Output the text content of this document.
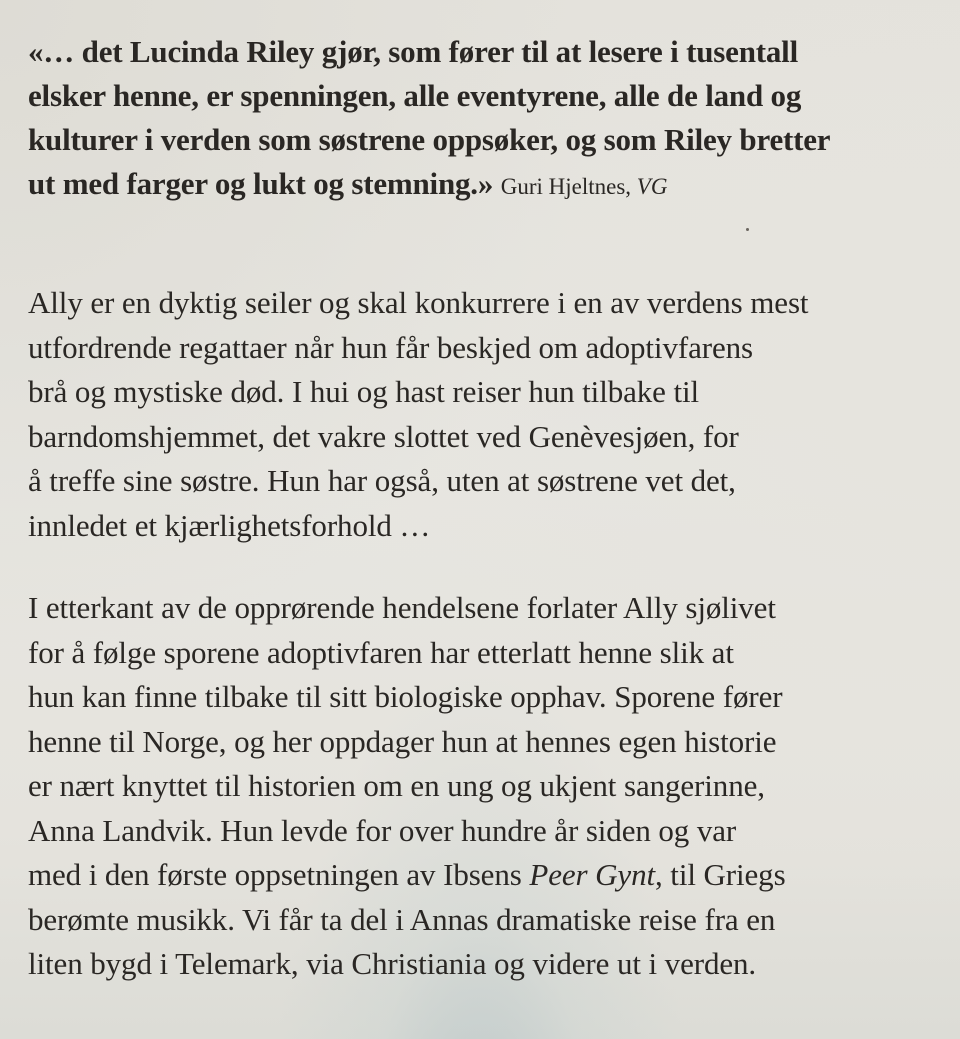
«… det Lucinda Riley gjør, som fører til at lesere i tusentall
elsker henne, er spenningen, alle eventyrene, alle de land og
kulturer i verden som søstrene oppsøker, og som Riley bretter
ut med farger og lukt og stemning.» Guri Hjeltnes, VG

Ally er en dyktig seiler og skal konkurrere i en av verdens mest
utfordrende regattaer når hun får beskjed om adoptivfarens
brå og mystiske død. I hui og hast reiser hun tilbake til
barndomshjemmet, det vakre slottet ved Genèvesjøen, for
å treffe sine søstre. Hun har også, uten at søstrene vet det,
innledet et kjærlighetsforhold …

I etterkant av de opprørende hendelsene forlater Ally sjølivet
for å følge sporene adoptivfaren har etterlatt henne slik at
hun kan finne tilbake til sitt biologiske opphav. Sporene fører
henne til Norge, og her oppdager hun at hennes egen historie
er nært knyttet til historien om en ung og ukjent sangerinne,
Anna Landvik. Hun levde for over hundre år siden og var
med i den første oppsetningen av Ibsens Peer Gynt, til Griegs
berømte musikk. Vi får ta del i Annas dramatiske reise fra en
liten bygd i Telemark, via Christiania og videre ut i verden.
